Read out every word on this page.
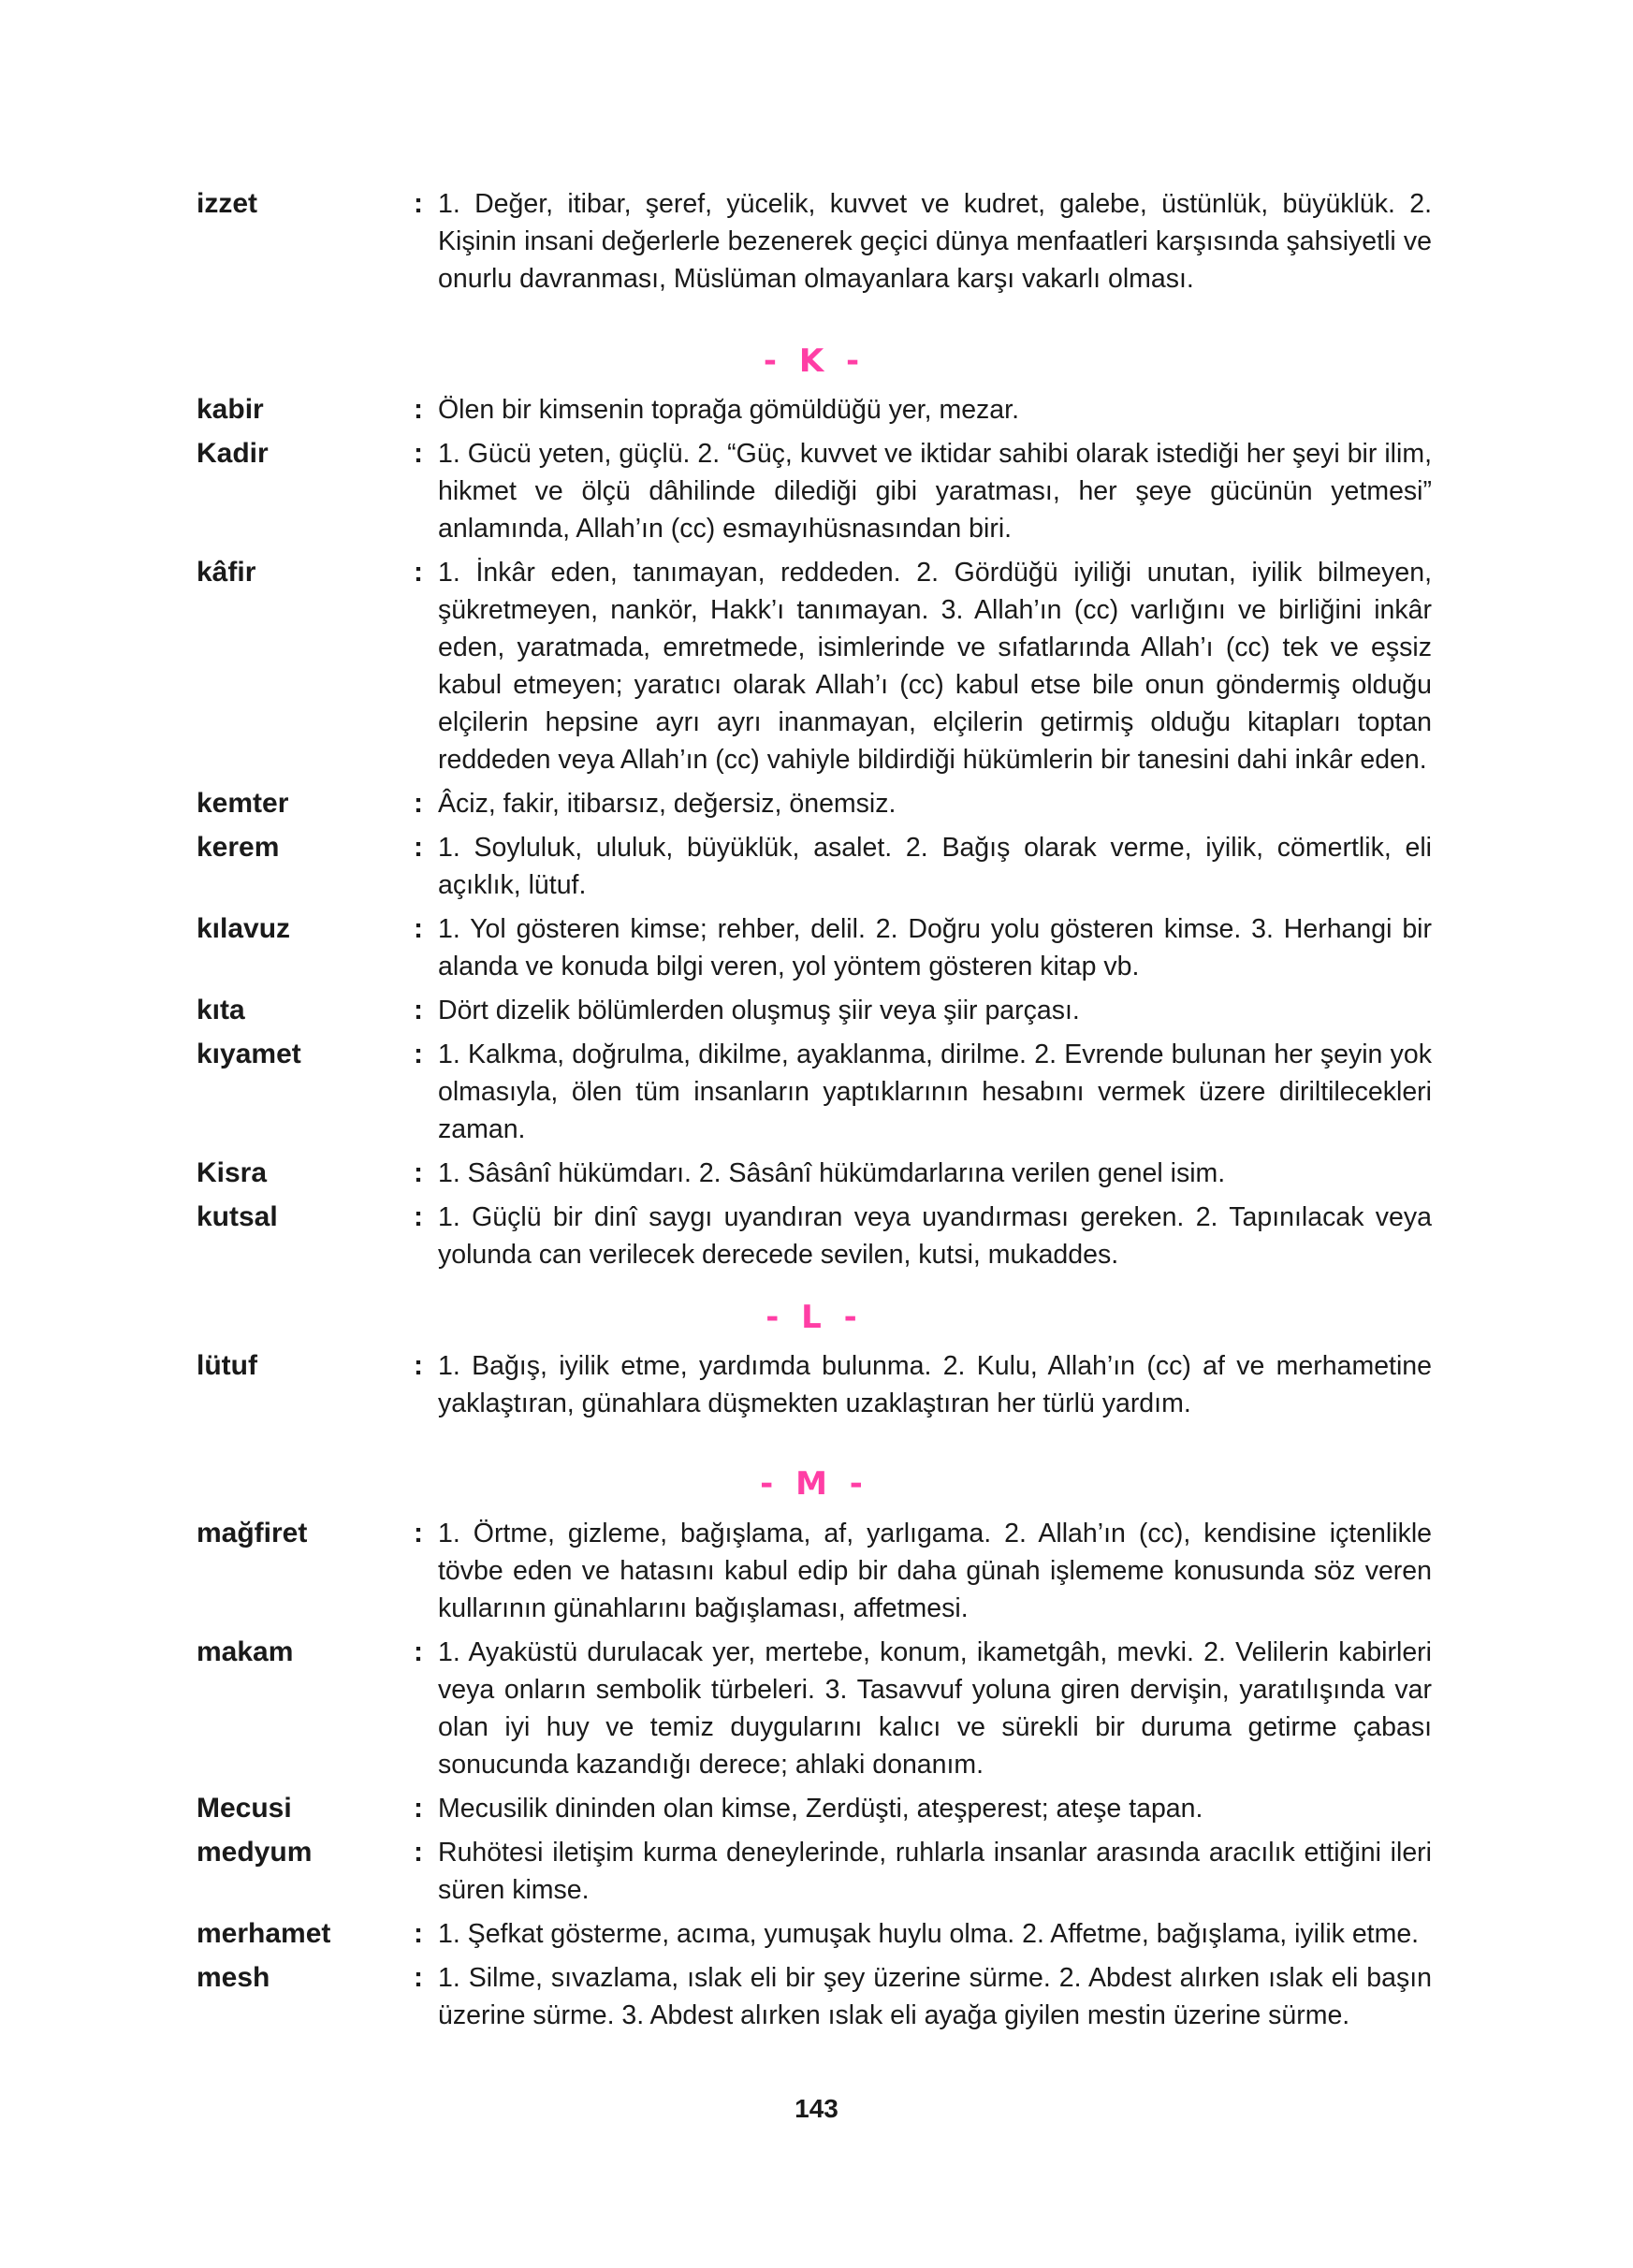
izzet	: 1. Değer, itibar, şeref, yücelik, kuvvet ve kudret, galebe, üstünlük, büyüklük. 2. Kişinin insani değerlerle bezenerek geçici dünya menfaatleri karşısında şahsiyetli ve onurlu davranması, Müslüman olmayanlara karşı vakarlı olması.
- K -
kabir	: Ölen bir kimsenin toprağa gömüldüğü yer, mezar.
Kadir	: 1. Gücü yeten, güçlü. 2. “Güç, kuvvet ve iktidar sahibi olarak istediği her şeyi bir ilim, hikmet ve ölçü dâhilinde dilediği gibi yaratması, her şeye gücünün yetmesi” anlamında, Allah’ın (cc) esmayıhüsnasından biri.
kâfir	: 1. İnkâr eden, tanımayan, reddeden. 2. Gördüğü iyiliği unutan, iyilik bilmeyen, şükretmeyen, nankör, Hakk’ı tanımayan. 3. Allah’ın (cc) varlığını ve birliğini inkâr eden, yaratmada, emretmede, isimlerinde ve sıfatlarında Allah’ı (cc) tek ve eşsiz kabul etmeyen; yaratıcı olarak Allah’ı (cc) kabul etse bile onun göndermiş olduğu elçilerin hepsine ayrı ayrı inanmayan, elçilerin getirmiş olduğu kitapları toptan reddeden veya Allah’ın (cc) vahiyle bildirdiği hükümlerin bir tanesini dahi inkâr eden.
kemter	: Âciz, fakir, itibarsız, değersiz, önemsiz.
kerem	: 1. Soyluluk, ululuk, büyüklük, asalet. 2. Bağış olarak verme, iyilik, cömertlik, eli açıklık, lütuf.
kılavuz	: 1. Yol gösteren kimse; rehber, delil. 2. Doğru yolu gösteren kimse. 3. Herhangi bir alanda ve konuda bilgi veren, yol yöntem gösteren kitap vb.
kıta	: Dört dizelik bölümlerden oluşmuş şiir veya şiir parçası.
kıyamet	: 1. Kalkma, doğrulma, dikilme, ayaklanma, dirilme. 2. Evrende bulunan her şeyin yok olmasıyla, ölen tüm insanların yaptıklarının hesabını vermek üzere diriltilecekleri zaman.
Kisra	: 1. Sâsânî hükümdarı. 2. Sâsânî hükümdarlarına verilen genel isim.
kutsal	: 1. Güçlü bir dinî saygı uyandıran veya uyandırması gereken. 2. Tapınılacak veya yolunda can verilecek derecede sevilen, kutsi, mukaddes.
- L -
lütuf	: 1. Bağış, iyilik etme, yardımda bulunma. 2. Kulu, Allah’ın (cc) af ve merhametine yaklaştıran, günahlara düşmekten uzaklaştıran her türlü yardım.
- M -
mağfiret	: 1. Örtme, gizleme, bağışlama, af, yarlıgama. 2. Allah’ın (cc), kendisine içtenlikle tövbe eden ve hatasını kabul edip bir daha günah işlememe konusunda söz veren kullarının günahlarını bağışlaması, affetmesi.
makam	: 1. Ayaküstü durulacak yer, mertebe, konum, ikametgâh, mevki. 2. Velilerin kabirleri veya onların sembolik türbeleri. 3. Tasavvuf yoluna giren dervişin, yaratılışında var olan iyi huy ve temiz duygularını kalıcı ve sürekli bir duruma getirme çabası sonucunda kazandığı derece; ahlaki donanım.
Mecusi	: Mecusilik dininden olan kimse, Zerdüşti, ateşperest; ateşe tapan.
medyum	: Ruhötesi iletişim kurma deneylerinde, ruhlarla insanlar arasında aracılık ettiğini ileri süren kimse.
merhamet	: 1. Şefkat gösterme, acıma, yumuşak huylu olma. 2. Affetme, bağışlama, iyilik etme.
mesh	: 1. Silme, sıvazlama, ıslak eli bir şey üzerine sürme. 2. Abdest alırken ıslak eli başın üzerine sürme. 3. Abdest alırken ıslak eli ayağa giyilen mestin üzerine sürme.
143
